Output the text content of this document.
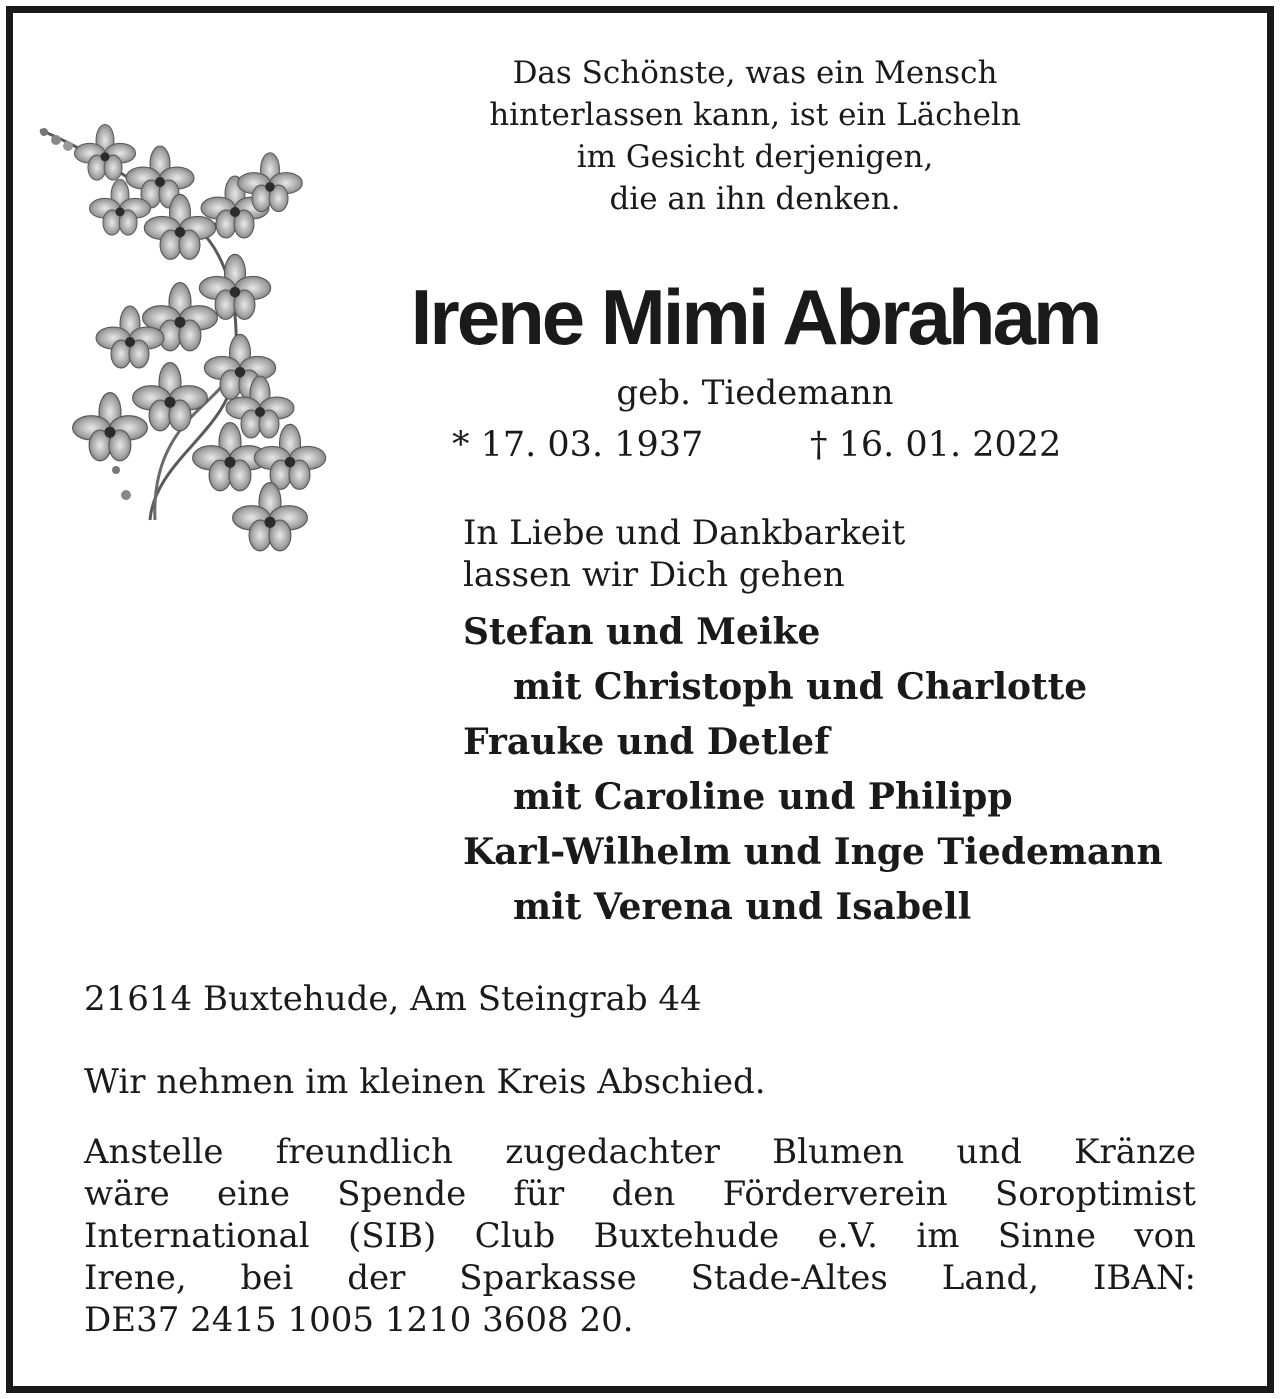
Das Schönste, was ein Mensch
hinterlassen kann, ist ein Lächeln
im Gesicht derjenigen,
die an ihn denken.
Irene Mimi Abraham
geb. Tiedemann
* 17. 03. 1937	† 16. 01. 2022
In Liebe und Dankbarkeit
lassen wir Dich gehen
Stefan und Meike
mit Christoph und Charlotte
Frauke und Detlef
mit Caroline und Philipp
Karl-Wilhelm und Inge Tiedemann
mit Verena und Isabell
21614 Buxtehude, Am Steingrab 44
Wir nehmen im kleinen Kreis Abschied.
Anstelle freundlich zugedachter Blumen und Kränze
wäre eine Spende für den Förderverein Soroptimist
International (SIB) Club Buxtehude e.V. im Sinne von
Irene, bei der Sparkasse Stade-Altes Land, IBAN:
DE37 2415 1005 1210 3608 20.
